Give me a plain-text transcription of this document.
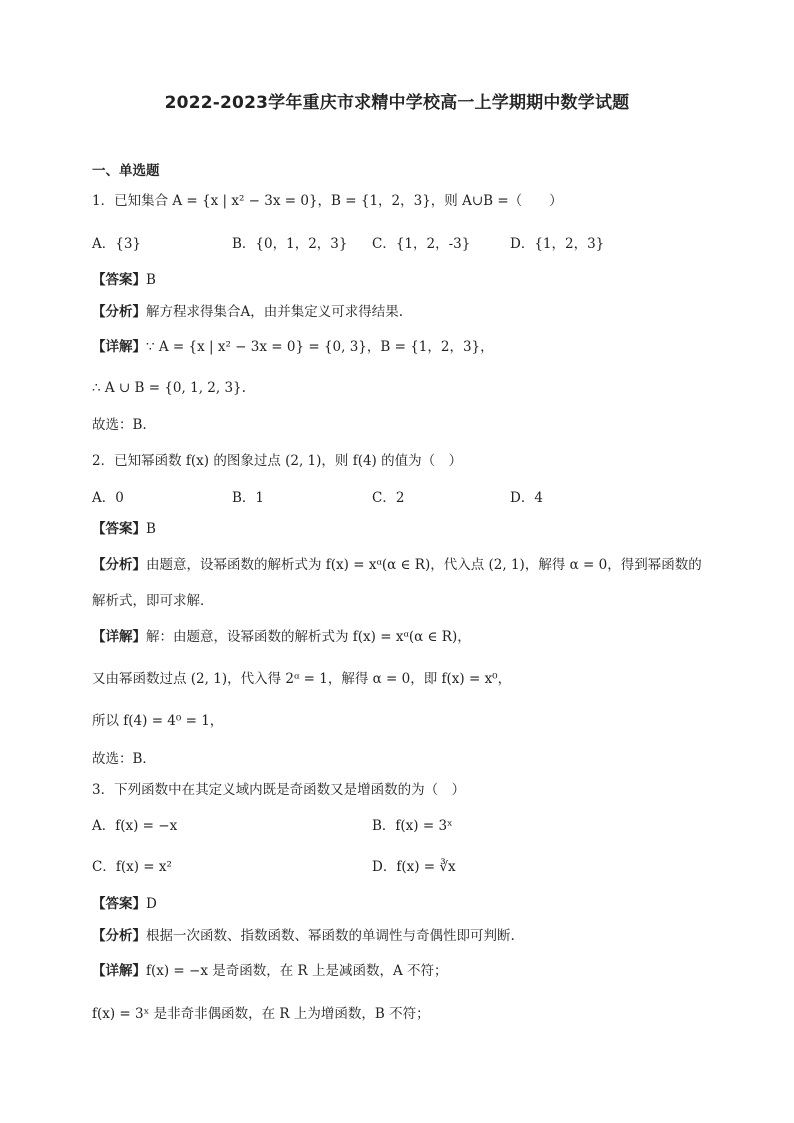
2022-2023学年重庆市求精中学校高一上学期期中数学试题
一、单选题
1．已知集合 A = {x | x² − 3x = 0}，B = {1，2，3}，则 A∪B =（　　）
A．{3}	B．{0，1，2，3} C．{1，2，-3}	D．{1，2，3}
【答案】B
【分析】解方程求得集合A，由并集定义可求得结果.
【详解】∵ A = {x | x² − 3x = 0} = {0, 3}，B = {1，2，3}，
∴ A ∪ B = {0, 1, 2, 3}.
故选：B.
2．已知幂函数 f(x) 的图象过点 (2, 1)，则 f(4) 的值为（　）
A．0	B．1	C．2	D．4
【答案】B
【分析】由题意，设幂函数的解析式为 f(x) = xᵅ(α ∈ R)，代入点 (2, 1)，解得 α = 0，得到幂函数的
解析式，即可求解．
【详解】解：由题意，设幂函数的解析式为 f(x) = xᵅ(α ∈ R)，
又由幂函数过点 (2, 1)，代入得 2ᵅ = 1，解得 α = 0，即 f(x) = x⁰，
所以 f(4) = 4⁰ = 1，
故选：B．
3．下列函数中在其定义域内既是奇函数又是增函数的为（　）
A．f(x) = −x	B．f(x) = 3ˣ
C．f(x) = x²	D．f(x) = ∛x
【答案】D
【分析】根据一次函数、指数函数、幂函数的单调性与奇偶性即可判断.
【详解】f(x) = −x 是奇函数，在 R 上是减函数，A 不符；
f(x) = 3ˣ 是非奇非偶函数，在 R 上为增函数，B 不符；
